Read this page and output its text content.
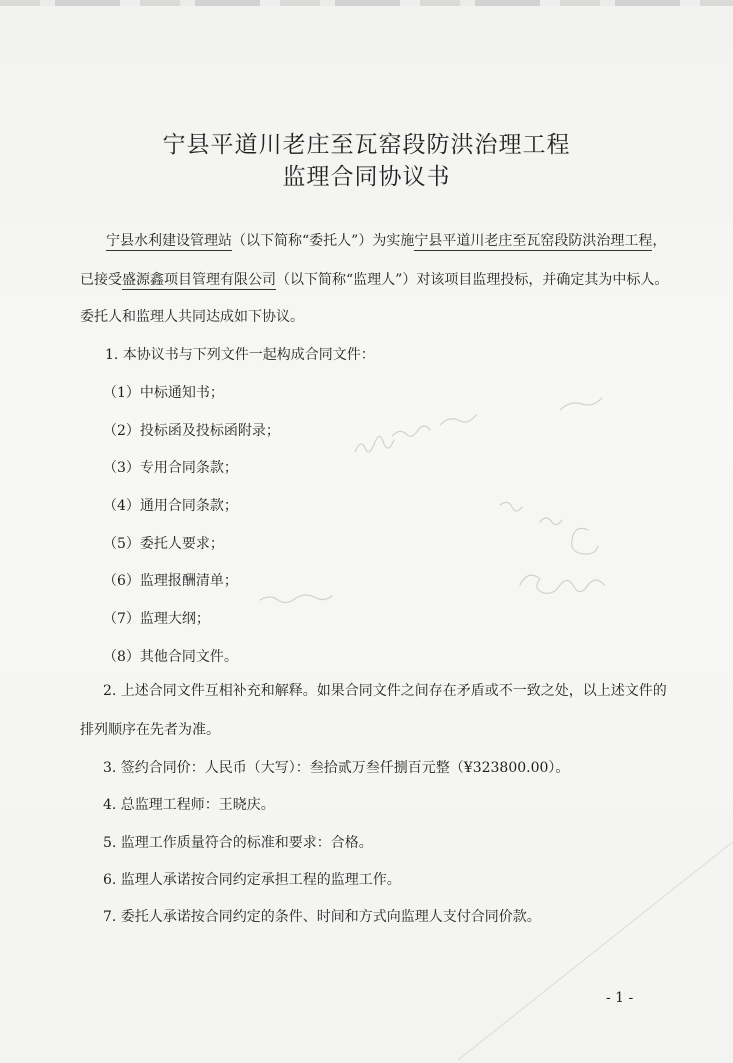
宁县平道川老庄至瓦窑段防洪治理工程
监理合同协议书
宁县水利建设管理站（以下简称“委托人”）为实施宁县平道川老庄至瓦窑段防洪治理工程，
已接受盛源鑫项目管理有限公司（以下简称“监理人”）对该项目监理投标，并确定其为中标人。
委托人和监理人共同达成如下协议。
1. 本协议书与下列文件一起构成合同文件：
（1）中标通知书；
（2）投标函及投标函附录；
（3）专用合同条款；
（4）通用合同条款；
（5）委托人要求；
（6）监理报酬清单；
（7）监理大纲；
（8）其他合同文件。
2. 上述合同文件互相补充和解释。如果合同文件之间存在矛盾或不一致之处，以上述文件的
排列顺序在先者为准。
3. 签约合同价：人民币（大写）：叁拾贰万叁仟捌百元整（¥323800.00）。
4. 总监理工程师：王晓庆。
5. 监理工作质量符合的标准和要求：合格。
6. 监理人承诺按合同约定承担工程的监理工作。
7. 委托人承诺按合同约定的条件、时间和方式向监理人支付合同价款。
- 1 -
